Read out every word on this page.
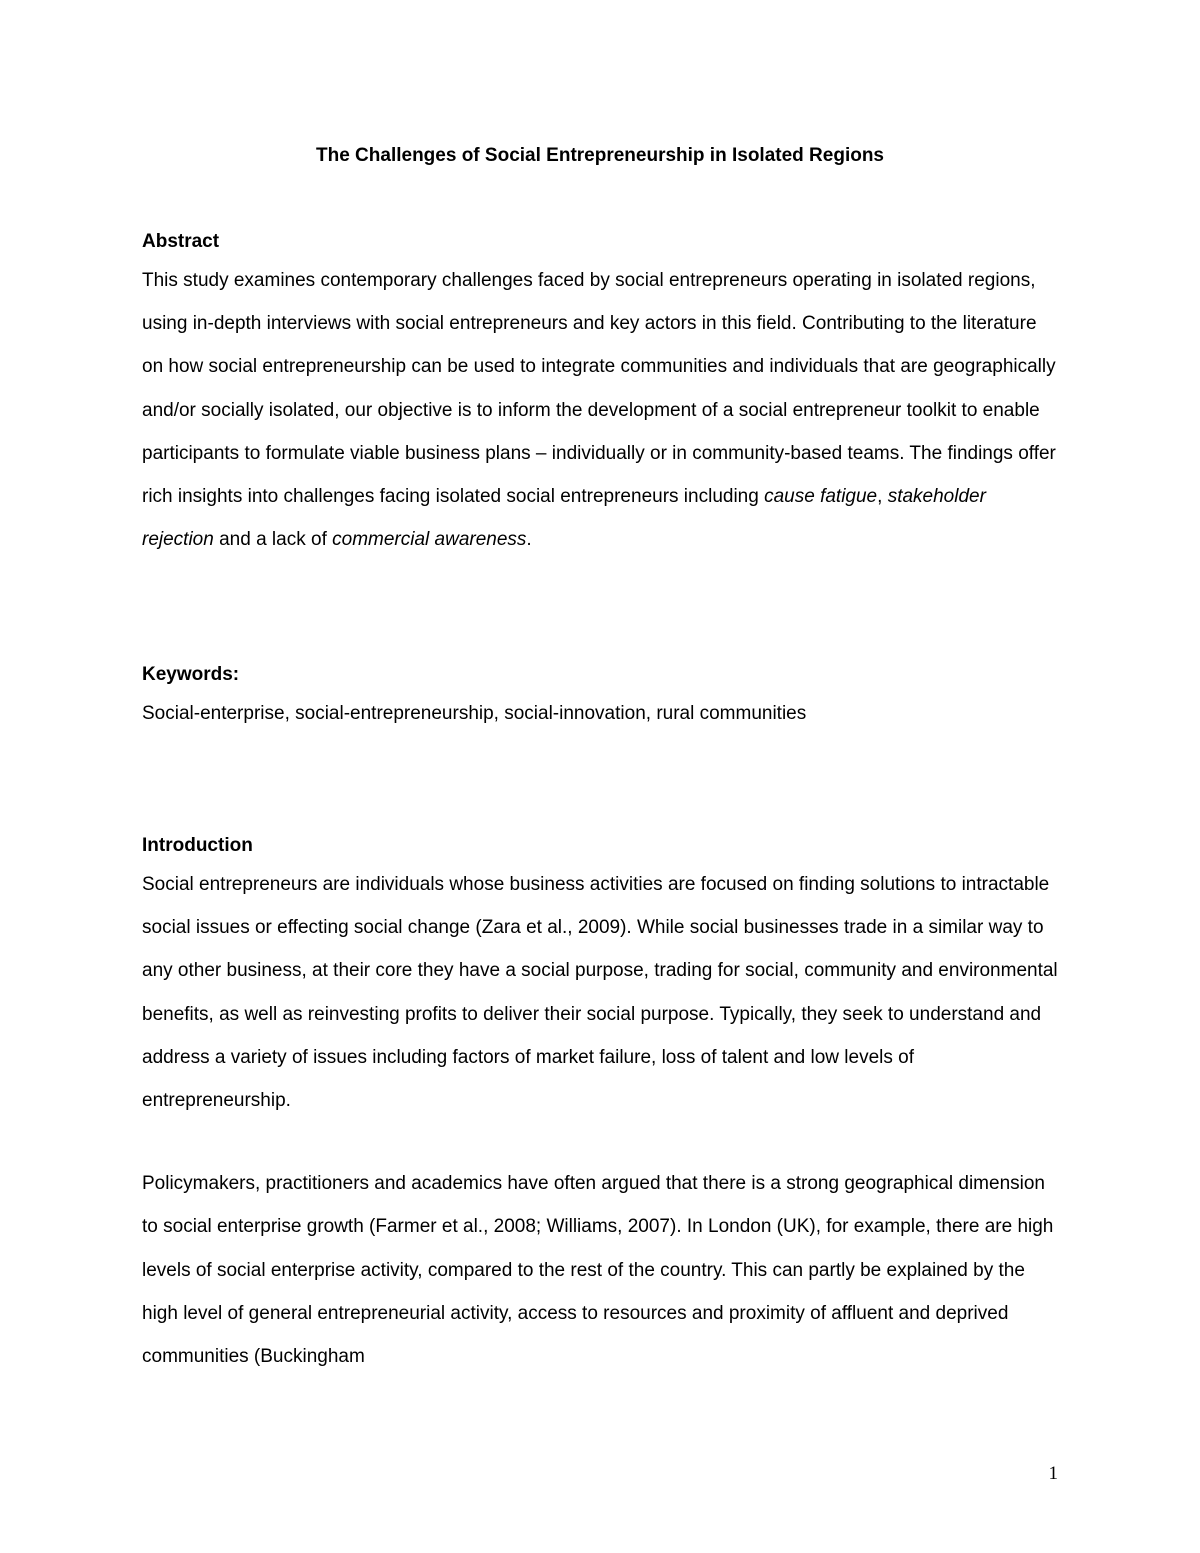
The Challenges of Social Entrepreneurship in Isolated Regions

Abstract

This study examines contemporary challenges faced by social entrepreneurs operating in isolated regions, using in-depth interviews with social entrepreneurs and key actors in this field. Contributing to the literature on how social entrepreneurship can be used to integrate communities and individuals that are geographically and/or socially isolated, our objective is to inform the development of a social entrepreneur toolkit to enable participants to formulate viable business plans – individually or in community-based teams. The findings offer rich insights into challenges facing isolated social entrepreneurs including cause fatigue, stakeholder rejection and a lack of commercial awareness.

Keywords:

Social-enterprise, social-entrepreneurship, social-innovation, rural communities

Introduction

Social entrepreneurs are individuals whose business activities are focused on finding solutions to intractable social issues or effecting social change (Zara et al., 2009). While social businesses trade in a similar way to any other business, at their core they have a social purpose, trading for social, community and environmental benefits, as well as reinvesting profits to deliver their social purpose. Typically, they seek to understand and address a variety of issues including factors of market failure, loss of talent and low levels of entrepreneurship.

Policymakers, practitioners and academics have often argued that there is a strong geographical dimension to social enterprise growth (Farmer et al., 2008; Williams, 2007). In London (UK), for example, there are high levels of social enterprise activity, compared to the rest of the country. This can partly be explained by the high level of general entrepreneurial activity, access to resources and proximity of affluent and deprived communities (Buckingham

1
